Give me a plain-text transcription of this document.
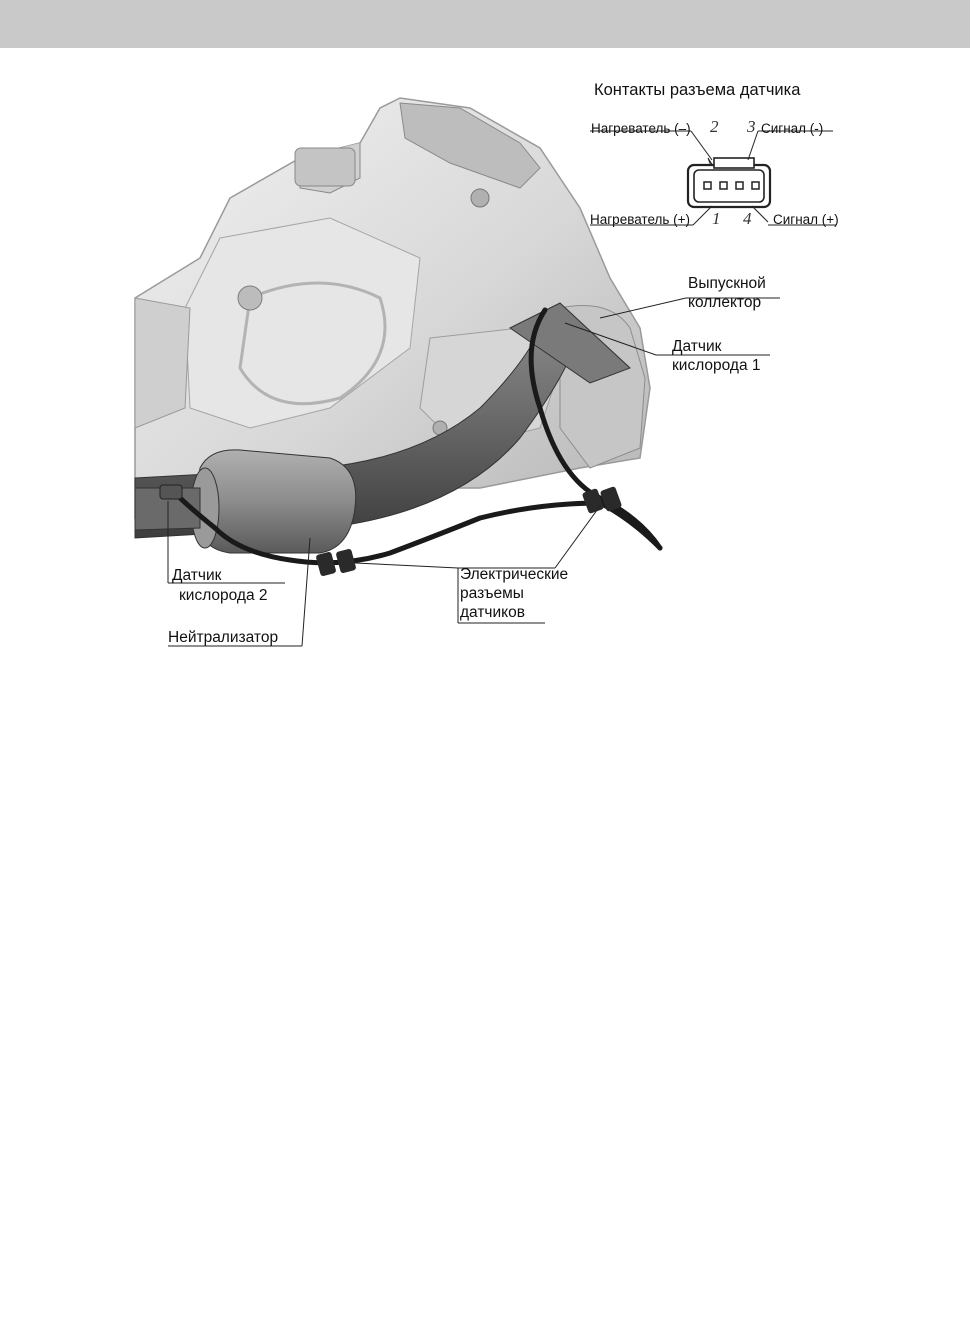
Контакты разъема датчика
Нагреватель (–) 2 3 Сигнал (-)
Нагреватель (+) 1 4 Сигнал (+)
Выпускной
коллектор
Датчик
кислорода 1
Датчик
кислорода 2
Нейтрализатор
Электрические
разъемы
датчиков
